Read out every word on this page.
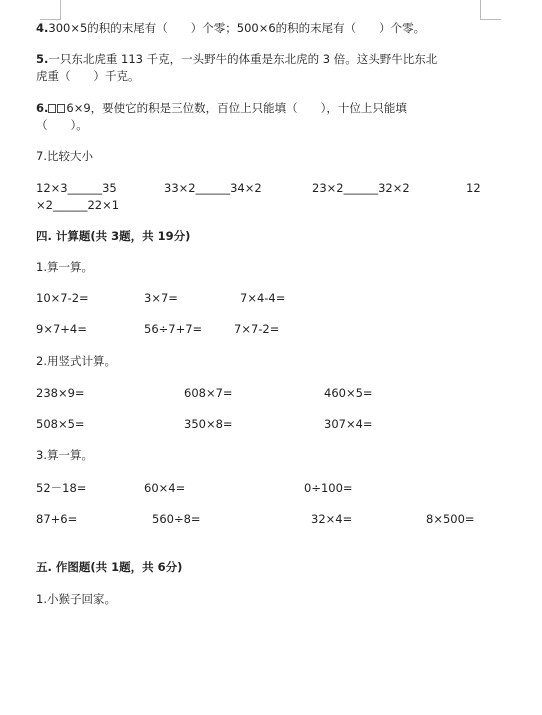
4.300×5的积的末尾有（　　）个零；500×6的积的末尾有（　　）个零。
5.一只东北虎重 113 千克，一头野牛的体重是东北虎的 3 倍。这头野牛比东北
虎重（　　）千克。
6. 6×9，要使它的积是三位数，百位上只能填（　　），十位上只能填
（　　）。
7.比较大小
12×3______35	33×2______34×2	23×2______32×2	12
×2______22×1
四. 计算题(共 3题，共 19分)
1.算一算。
10×7-2=	3×7=	7×4-4=
9×7+4=	56÷7+7=	7×7-2=
2.用竖式计算。
238×9=	608×7=	460×5=
508×5=	350×8=	307×4=
3.算一算。
52－18=	60×4=	0÷100=
87+6=	560÷8=	32×4=	8×500=
五. 作图题(共 1题，共 6分)
1.小猴子回家。
